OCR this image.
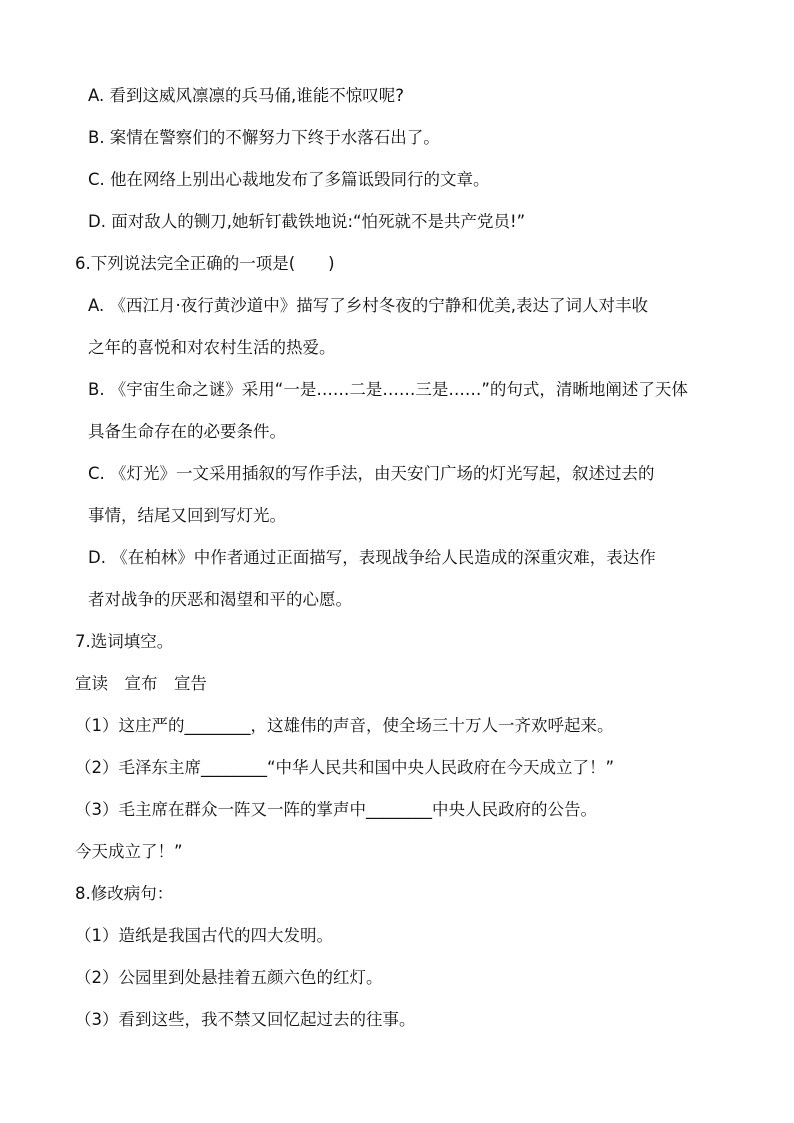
A. 看到这威风凛凛的兵马俑,谁能不惊叹呢?
B. 案情在警察们的不懈努力下终于水落石出了。
C. 他在网络上别出心裁地发布了多篇诋毁同行的文章。
D. 面对敌人的铡刀,她斩钉截铁地说:“怕死就不是共产党员!”
6.下列说法完全正确的一项是(　　)
A. 《西江月·夜行黄沙道中》描写了乡村冬夜的宁静和优美,表达了词人对丰收
之年的喜悦和对农村生活的热爱。
B. 《宇宙生命之谜》采用“一是……二是……三是……”的句式，清晰地阐述了天体
具备生命存在的必要条件。
C. 《灯光》一文采用插叙的写作手法，由天安门广场的灯光写起，叙述过去的
事情，结尾又回到写灯光。
D. 《在柏林》中作者通过正面描写，表现战争给人民造成的深重灾难，表达作
者对战争的厌恶和渴望和平的心愿。
7.选词填空。
宣读　宣布　宣告
（1）这庄严的________，这雄伟的声音，使全场三十万人一齐欢呼起来。
（2）毛泽东主席________“中华人民共和国中央人民政府在今天成立了！”
（3）毛主席在群众一阵又一阵的掌声中________中央人民政府的公告。
今天成立了！”
8.修改病句：
（1）造纸是我国古代的四大发明。
（2）公园里到处悬挂着五颜六色的红灯。
（3）看到这些，我不禁又回忆起过去的往事。
